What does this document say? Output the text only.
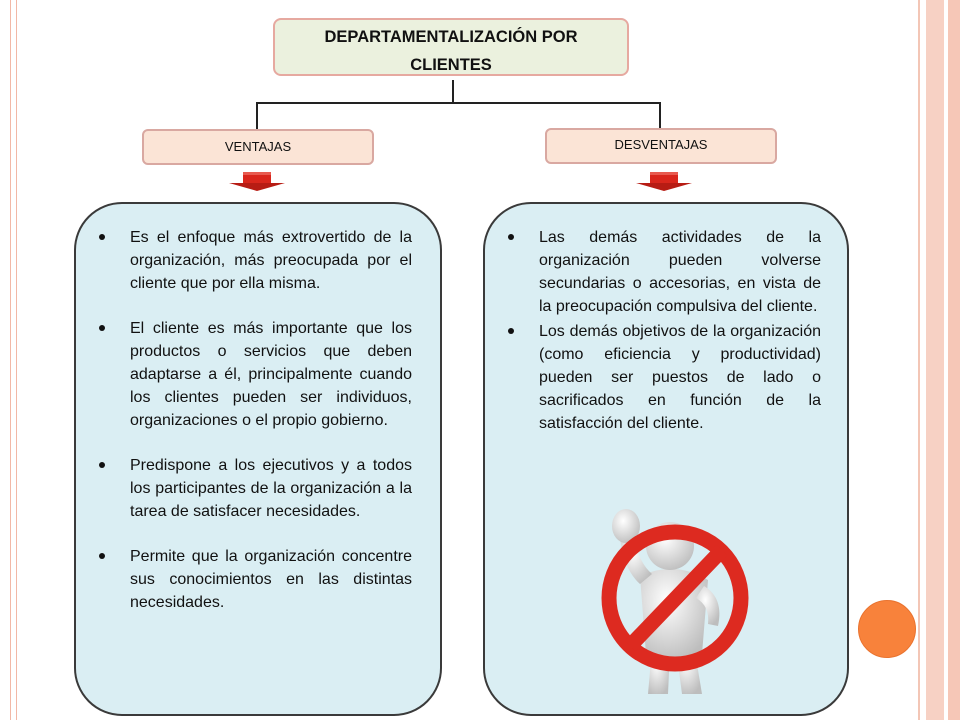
DEPARTAMENTALIZACIÓN POR
CLIENTES
VENTAJAS	DESVENTAJAS
Es el enfoque más extrovertido de la organización, más preocupada por el cliente que por ella misma.
El cliente es más importante que los productos o servicios que deben adaptarse a él, principalmente cuando los clientes pueden ser individuos, organizaciones o el propio gobierno.
Predispone a los ejecutivos y a todos los participantes de la organización a la tarea de satisfacer necesidades.
Permite que la organización concentre sus conocimientos en las distintas necesidades.
Las demás actividades de la organización pueden volverse secundarias o accesorias, en vista de la preocupación compulsiva del cliente.
Los demás objetivos de la organización (como eficiencia y productividad) pueden ser puestos de lado o sacrificados en función de la satisfacción del cliente.
